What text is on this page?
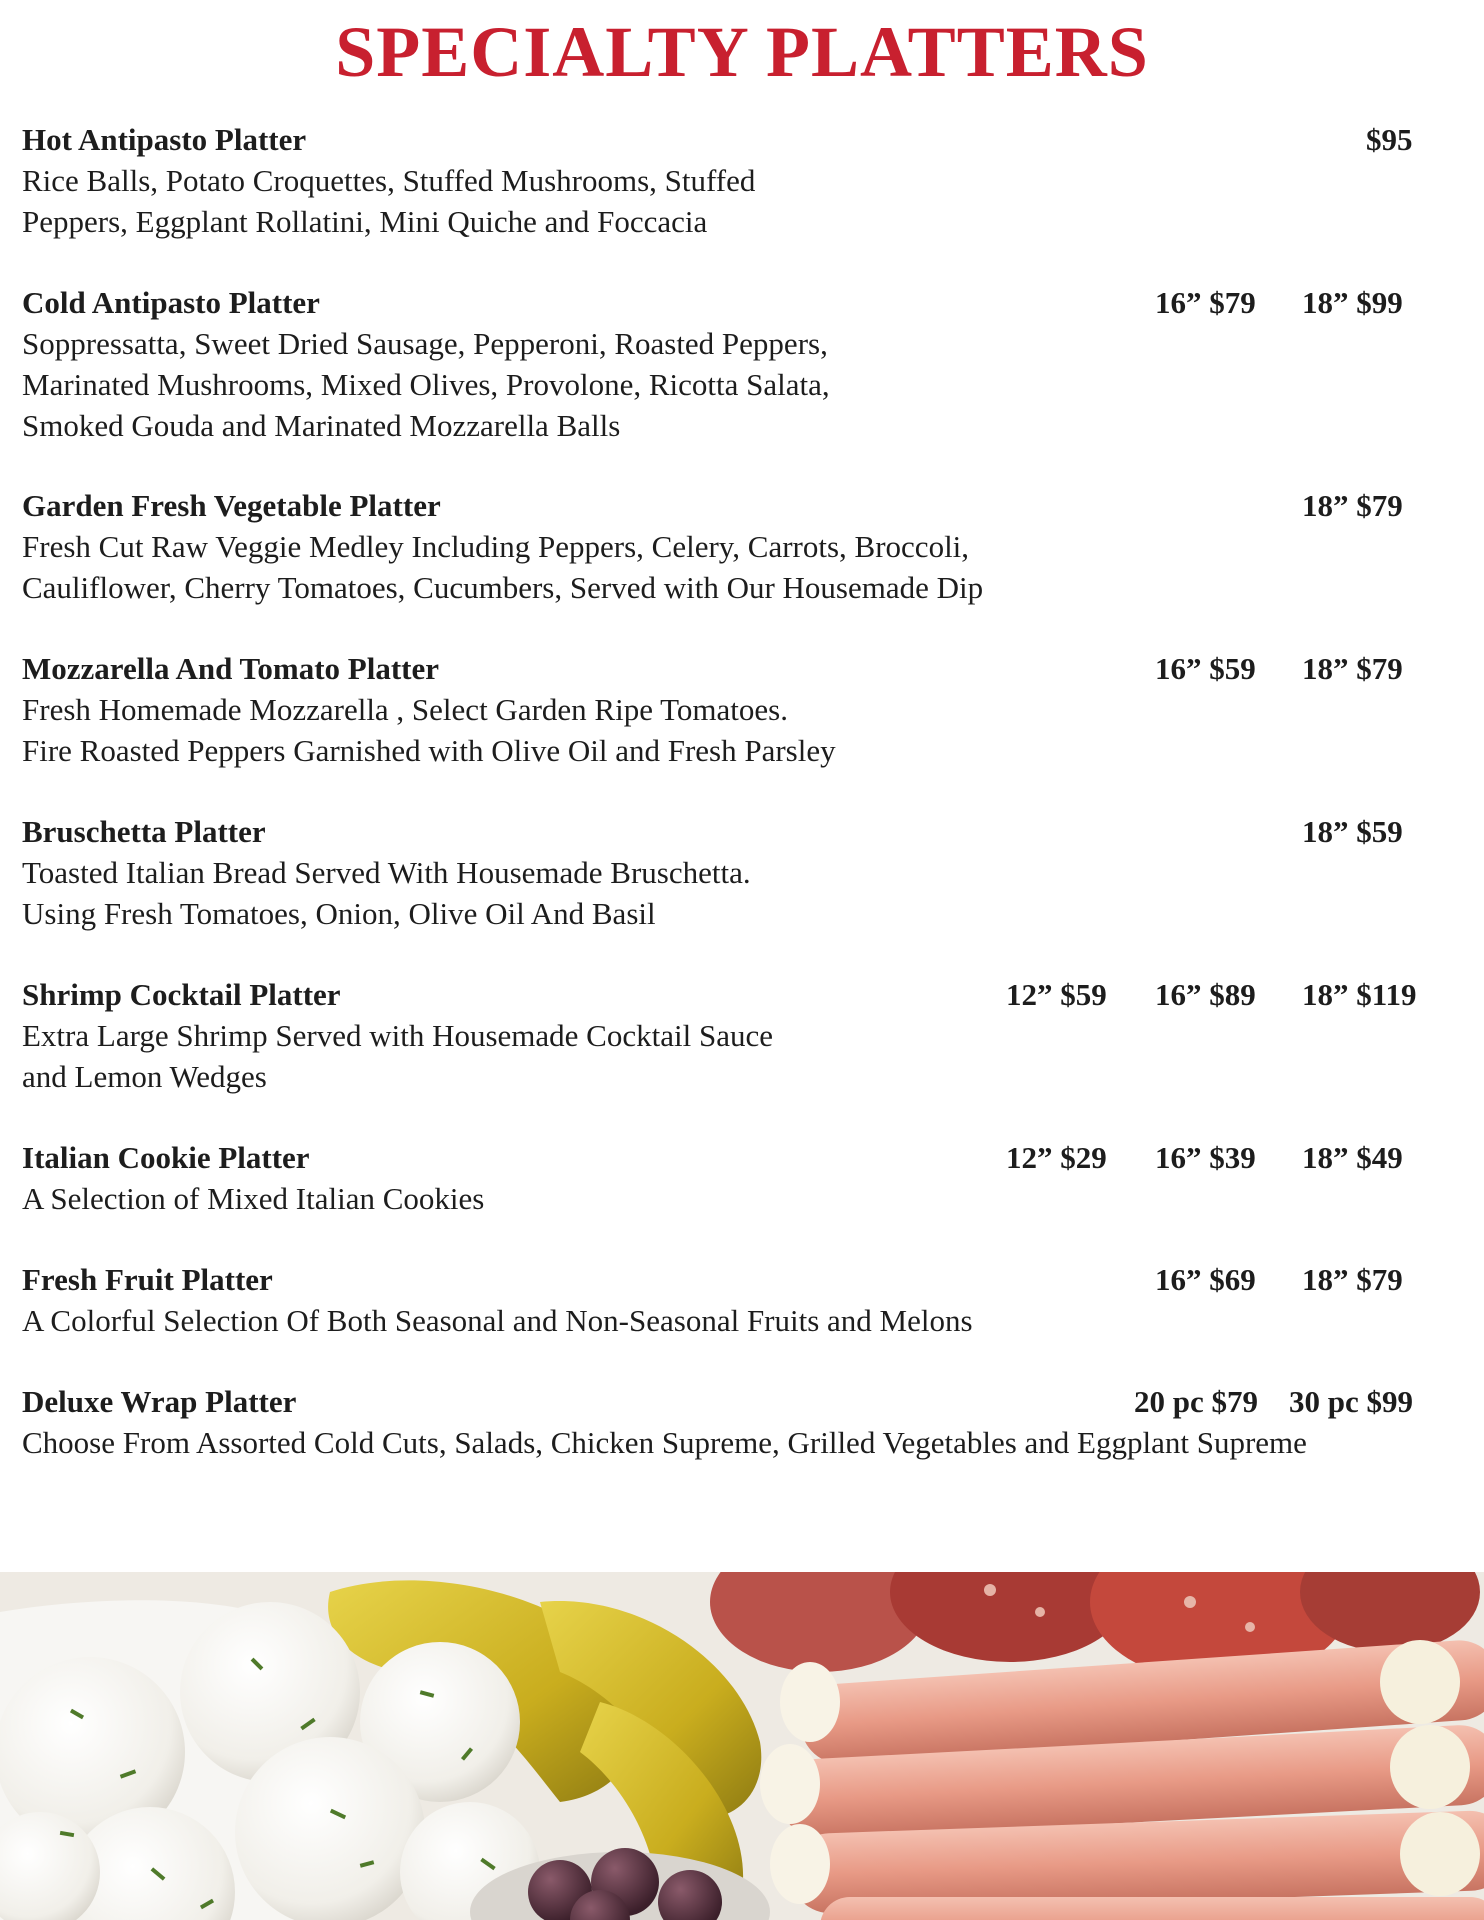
SPECIALTY PLATTERS
Hot Antipasto Platter
Rice Balls, Potato Croquettes, Stuffed Mushrooms, Stuffed
Peppers, Eggplant Rollatini, Mini Quiche and Foccacia
$95
Cold Antipasto Platter
Soppressatta, Sweet Dried Sausage, Pepperoni, Roasted Peppers,
Marinated Mushrooms, Mixed Olives, Provolone, Ricotta Salata,
Smoked Gouda and Marinated Mozzarella Balls
16” $79 18” $99
Garden Fresh Vegetable Platter
Fresh Cut Raw Veggie Medley Including Peppers, Celery, Carrots, Broccoli,
Cauliflower, Cherry Tomatoes, Cucumbers, Served with Our Housemade Dip
18” $79
Mozzarella And Tomato Platter
Fresh Homemade Mozzarella , Select Garden Ripe Tomatoes.
Fire Roasted Peppers Garnished with Olive Oil and Fresh Parsley
16” $59 18” $79
Bruschetta Platter
Toasted Italian Bread Served With Housemade Bruschetta.
Using Fresh Tomatoes, Onion, Olive Oil And Basil
18” $59
Shrimp Cocktail Platter
Extra Large Shrimp Served with Housemade Cocktail Sauce
and Lemon Wedges
12” $59 16” $89 18” $119
Italian Cookie Platter
A Selection of Mixed Italian Cookies
12” $29 16” $39 18” $49
Fresh Fruit Platter
A Colorful Selection Of Both Seasonal and Non-Seasonal Fruits and Melons
16” $69 18” $79
Deluxe Wrap Platter
Choose From Assorted Cold Cuts, Salads, Chicken Supreme, Grilled Vegetables and Eggplant Supreme
20 pc $79 30 pc $99
